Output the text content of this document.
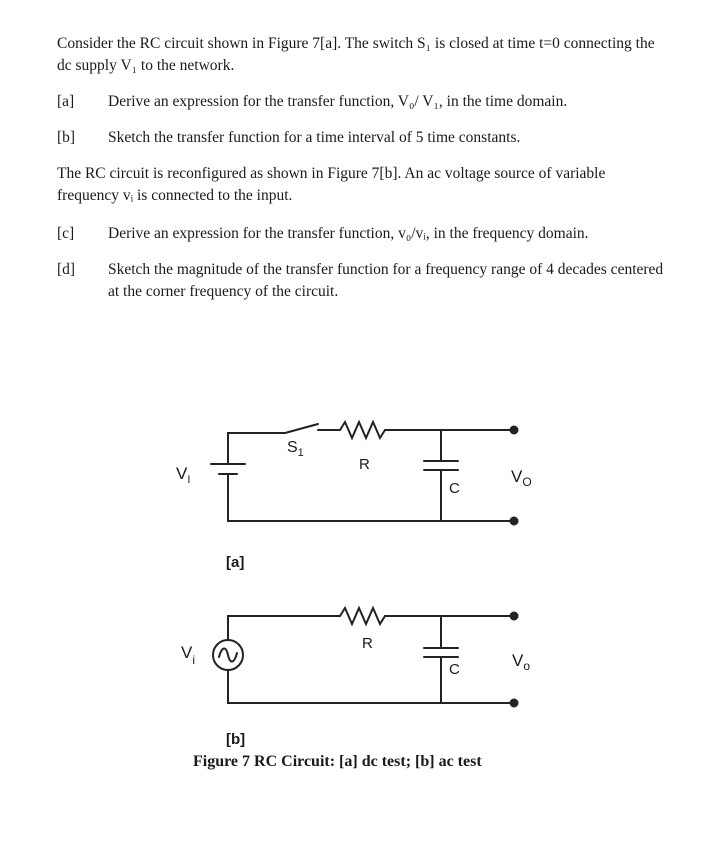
Consider the RC circuit shown in Figure 7[a]. The switch S₁ is closed at time t=0 connecting the
dc supply V₁ to the network.
[a] Derive an expression for the transfer function, V₀/ V₁, in the time domain.
[b] Sketch the transfer function for a time interval of 5 time constants.
The RC circuit is reconfigured as shown in Figure 7[b]. An ac voltage source of variable
frequency vᵢ is connected to the input.
[c] Derive an expression for the transfer function, v₀/vᵢ, in the frequency domain.
[d] Sketch the magnitude of the transfer function for a frequency range of 4 decades centered
at the corner frequency of the circuit.
$V_I$
$S_1$
R
C
$V_O$
[a]
$V_i$
R
C	$V_o$
[b]
Figure 7 RC Circuit: [a] dc test; [b] ac test
